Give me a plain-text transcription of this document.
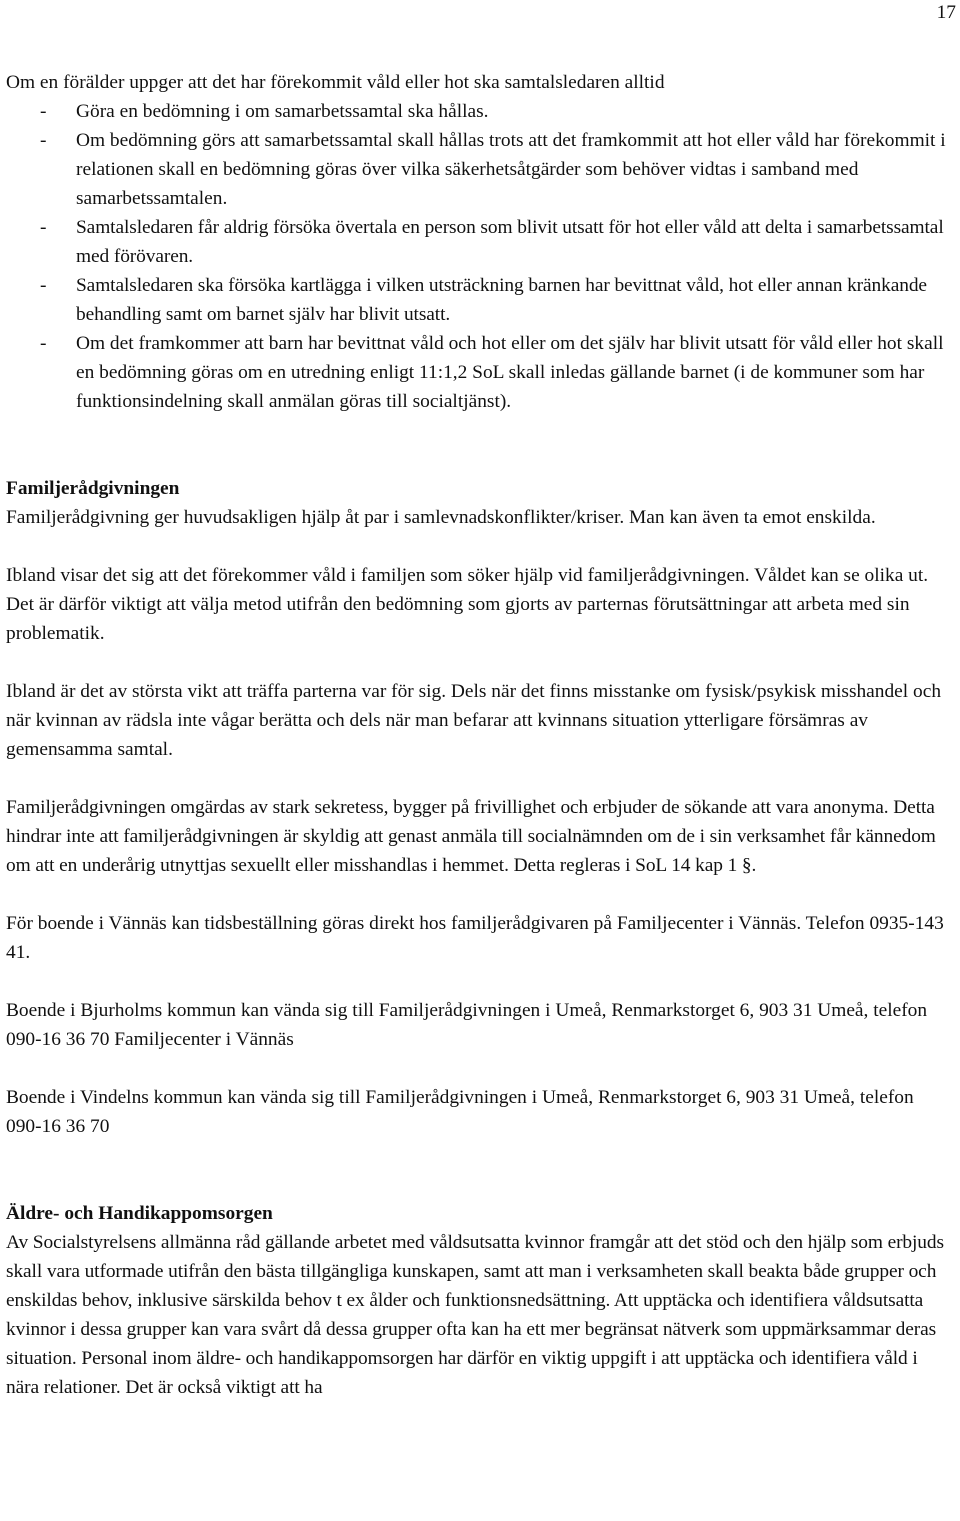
17

Om en förälder uppger att det har förekommit våld eller hot ska samtalsledaren alltid

- Göra en bedömning i om samarbetssamtal ska hållas.
- Om bedömning görs att samarbetssamtal skall hållas trots att det framkommit att hot eller våld har förekommit i relationen skall en bedömning göras över vilka säkerhetsåtgärder som behöver vidtas i samband med samarbetssamtalen.
- Samtalsledaren får aldrig försöka övertala en person som blivit utsatt för hot eller våld att delta i samarbetssamtal med förövaren.
- Samtalsledaren ska försöka kartlägga i vilken utsträckning barnen har bevittnat våld, hot eller annan kränkande behandling samt om barnet själv har blivit utsatt.
- Om det framkommer att barn har bevittnat våld och hot eller om det själv har blivit utsatt för våld eller hot skall en bedömning göras om en utredning enligt 11:1,2 SoL skall inledas gällande barnet (i de kommuner som har funktionsindelning skall anmälan göras till socialtjänst).

Familjerådgivningen

Familjerådgivning ger huvudsakligen hjälp åt par i samlevnadskonflikter/kriser. Man kan även ta emot enskilda.

Ibland visar det sig att det förekommer våld i familjen som söker hjälp vid familjerådgivningen. Våldet kan se olika ut. Det är därför viktigt att välja metod utifrån den bedömning som gjorts av parternas förutsättningar att arbeta med sin problematik.

Ibland är det av största vikt att träffa parterna var för sig. Dels när det finns misstanke om fysisk/psykisk misshandel och när kvinnan av rädsla inte vågar berätta och dels när man befarar att kvinnans situation ytterligare försämras av gemensamma samtal.

Familjerådgivningen omgärdas av stark sekretess, bygger på frivillighet och erbjuder de sökande att vara anonyma. Detta hindrar inte att familjerådgivningen är skyldig att genast anmäla till socialnämnden om de i sin verksamhet får kännedom om att en underårig utnyttjas sexuellt eller misshandlas i hemmet. Detta regleras i SoL 14 kap 1 §.

För boende i Vännäs kan tidsbeställning göras direkt hos familjerådgivaren på Familjecenter i Vännäs. Telefon 0935-143 41.

Boende i Bjurholms kommun kan vända sig till Familjerådgivningen i Umeå, Renmarkstorget 6, 903 31 Umeå, telefon 090-16 36 70 Familjecenter i Vännäs

Boende i Vindelns kommun kan vända sig till Familjerådgivningen i Umeå, Renmarkstorget 6, 903 31 Umeå, telefon 090-16 36 70

Äldre- och Handikappomsorgen

Av Socialstyrelsens allmänna råd gällande arbetet med våldsutsatta kvinnor framgår att det stöd och den hjälp som erbjuds skall vara utformade utifrån den bästa tillgängliga kunskapen, samt att man i verksamheten skall beakta både grupper och enskildas behov, inklusive särskilda behov t ex ålder och funktionsnedsättning. Att upptäcka och identifiera våldsutsatta kvinnor i dessa grupper kan vara svårt då dessa grupper ofta kan ha ett mer begränsat nätverk som uppmärksammar deras situation. Personal inom äldre- och handikappomsorgen har därför en viktig uppgift i att upptäcka och identifiera våld i nära relationer. Det är också viktigt att ha
